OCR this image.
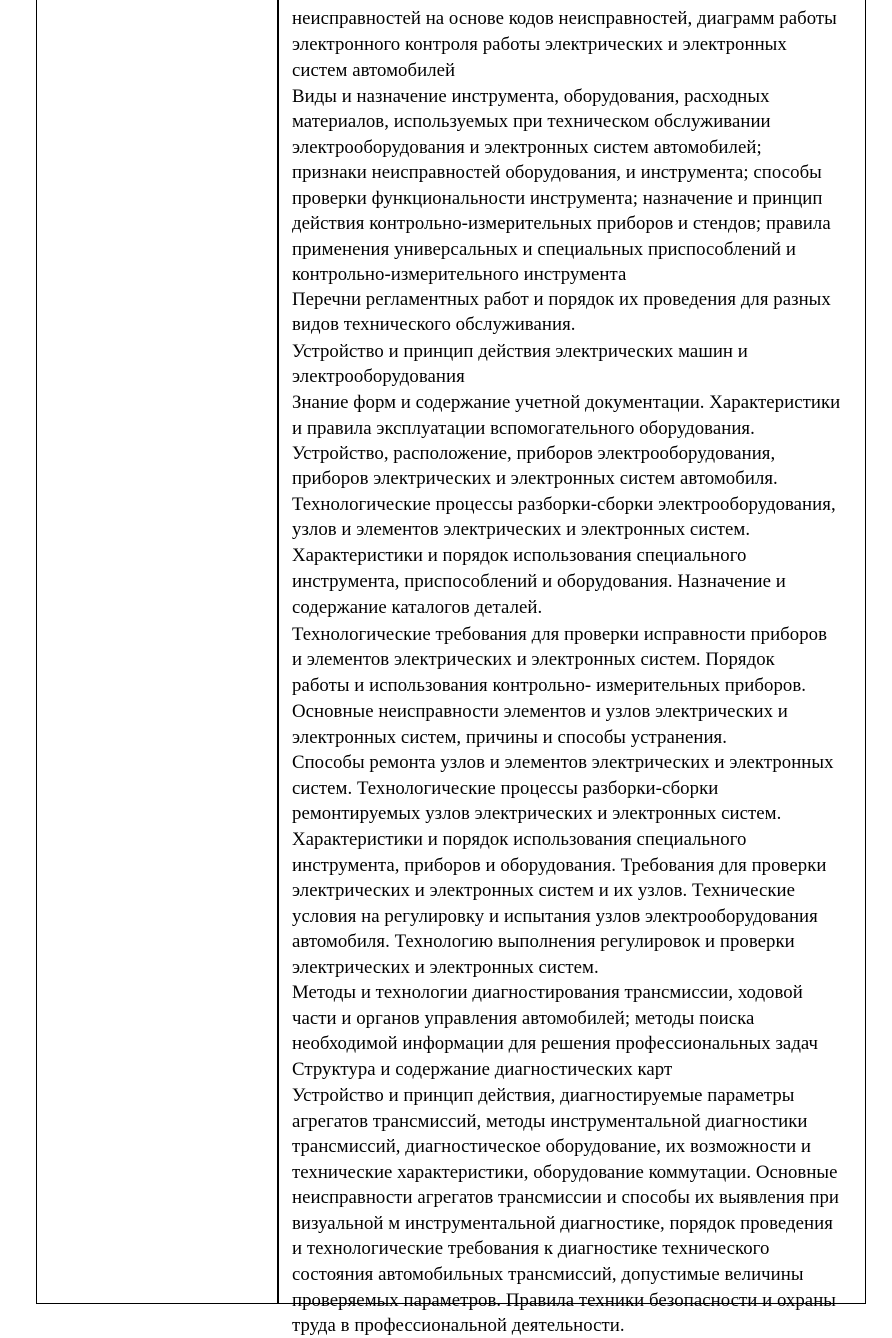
неисправностей на основе кодов неисправностей, диаграмм работы
электронного контроля работы электрических и электронных
систем автомобилей
Виды и назначение инструмента, оборудования, расходных
материалов, используемых при техническом обслуживании
электрооборудования и электронных систем автомобилей;
признаки неисправностей оборудования, и инструмента; способы
проверки функциональности инструмента; назначение и принцип
действия контрольно-измерительных приборов и стендов; правила
применения универсальных и специальных приспособлений и
контрольно-измерительного инструмента
Перечни регламентных работ и порядок их проведения для разных
видов технического обслуживания.
Устройство и принцип действия электрических машин и
электрооборудования
Знание форм и содержание учетной документации. Характеристики
и правила эксплуатации вспомогательного оборудования.
Устройство, расположение, приборов электрооборудования,
приборов электрических и электронных систем автомобиля.
Технологические процессы разборки-сборки электрооборудования,
узлов и элементов электрических и электронных систем.
Характеристики и порядок использования специального
инструмента, приспособлений и оборудования. Назначение и
содержание каталогов деталей.
Технологические требования для проверки исправности приборов
и элементов электрических и электронных систем. Порядок
работы и использования контрольно- измерительных приборов.
Основные неисправности элементов и узлов электрических и
электронных систем, причины и способы устранения.
Способы ремонта узлов и элементов электрических и электронных
систем. Технологические процессы разборки-сборки
ремонтируемых узлов электрических и электронных систем.
Характеристики и порядок использования специального
инструмента, приборов и оборудования. Требования для проверки
электрических и электронных систем и их узлов. Технические
условия на регулировку и испытания узлов электрооборудования
автомобиля. Технологию выполнения регулировок и проверки
электрических и электронных систем.
Методы и технологии диагностирования трансмиссии, ходовой
части и органов управления автомобилей; методы поиска
необходимой информации для решения профессиональных задач
Структура и содержание диагностических карт
Устройство и принцип действия, диагностируемые параметры
агрегатов трансмиссий, методы инструментальной диагностики
трансмиссий, диагностическое оборудование, их возможности и
технические характеристики, оборудование коммутации. Основные
неисправности агрегатов трансмиссии и способы их выявления при
визуальной м инструментальной диагностике, порядок проведения
и технологические требования к диагностике технического
состояния автомобильных трансмиссий, допустимые величины
проверяемых параметров. Правила техники безопасности и охраны
труда в профессиональной деятельности.
